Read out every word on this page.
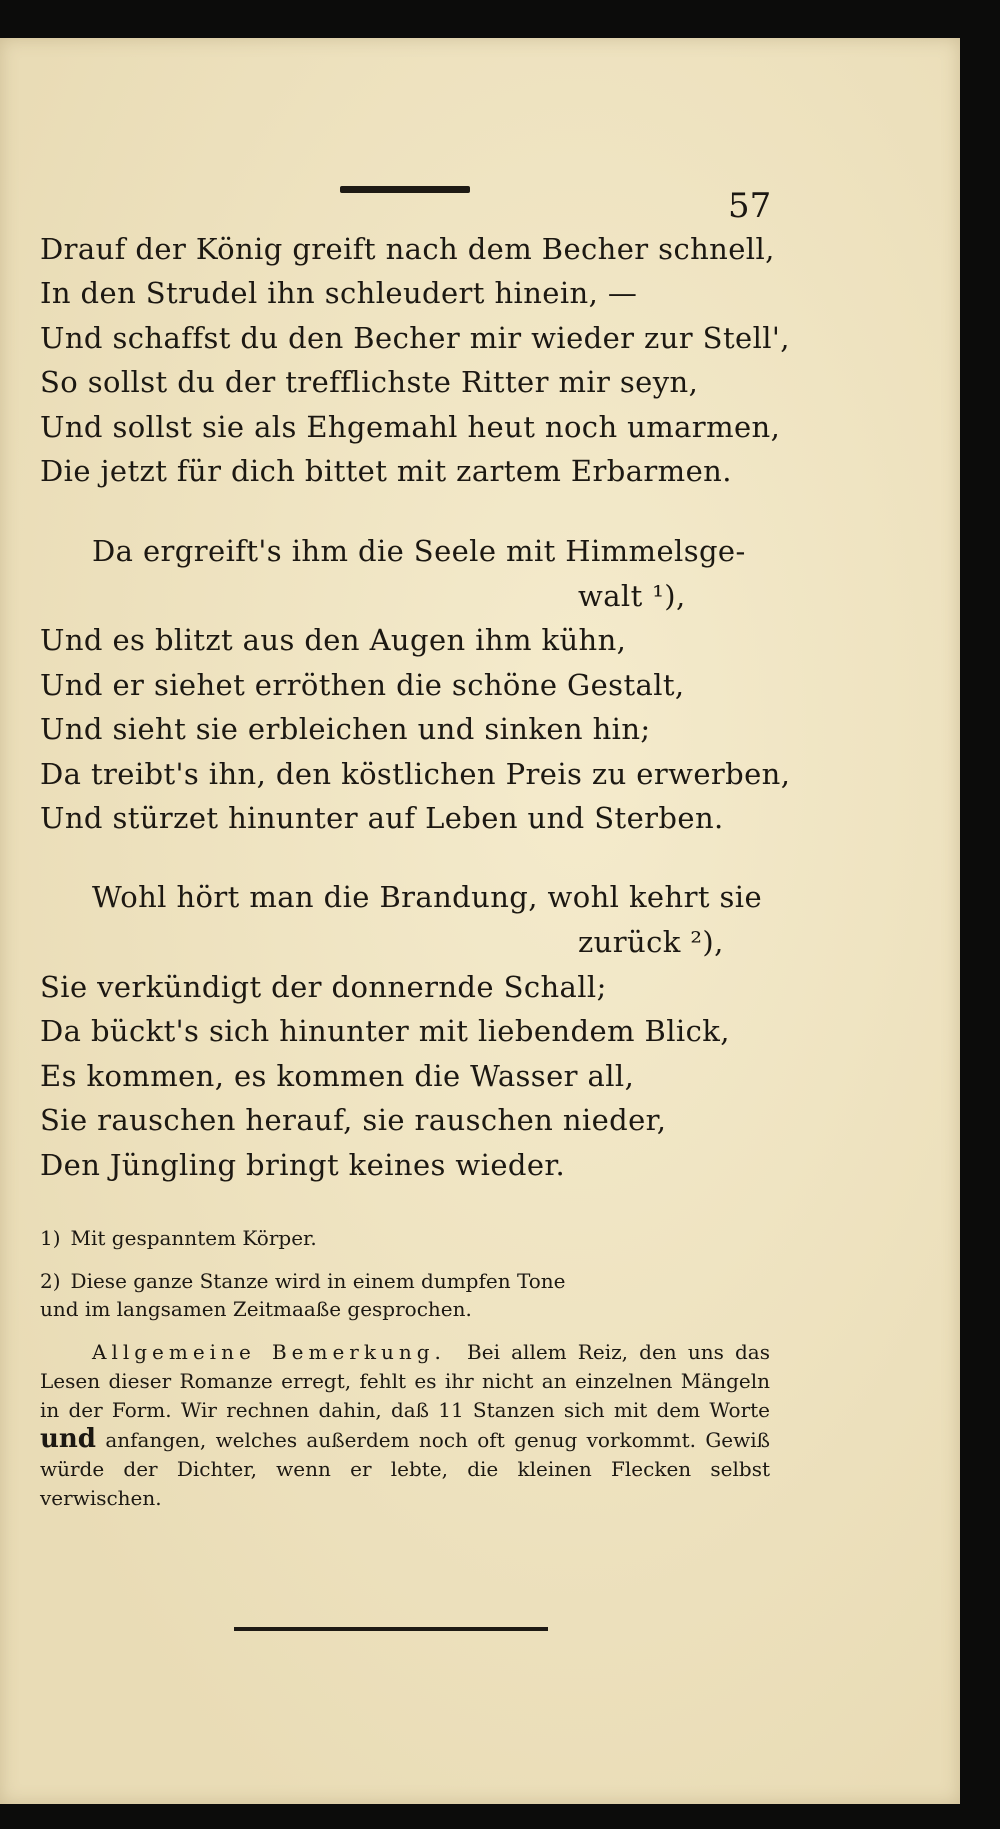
57
Drauf der König greift nach dem Becher schnell,
In den Strudel ihn schleudert hinein, —
Und schaffst du den Becher mir wieder zur Stell',
So sollst du der trefflichste Ritter mir seyn,
Und sollst sie als Ehgemahl heut noch umarmen,
Die jetzt für dich bittet mit zartem Erbarmen.
Da ergreift's ihm die Seele mit Himmelsge-
walt ¹),
Und es blitzt aus den Augen ihm kühn,
Und er siehet erröthen die schöne Gestalt,
Und sieht sie erbleichen und sinken hin;
Da treibt's ihn, den köstlichen Preis zu erwerben,
Und stürzet hinunter auf Leben und Sterben.
Wohl hört man die Brandung, wohl kehrt sie
zurück ²),
Sie verkündigt der donnernde Schall;
Da bückt's sich hinunter mit liebendem Blick,
Es kommen, es kommen die Wasser all,
Sie rauschen herauf, sie rauschen nieder,
Den Jüngling bringt keines wieder.
1) Mit gespanntem Körper.
2) Diese ganze Stanze wird in einem dumpfen Tone
und im langsamen Zeitmaaße gesprochen.
Allgemeine Bemerkung. Bei allem Reiz, den uns das Lesen dieser Romanze erregt, fehlt es ihr nicht an einzelnen Mängeln in der Form. Wir rechnen dahin, daß 11 Stanzen sich mit dem Worte und anfangen, welches außerdem noch oft genug vorkommt. Gewiß würde der Dichter, wenn er lebte, die kleinen Flecken selbst verwischen.
